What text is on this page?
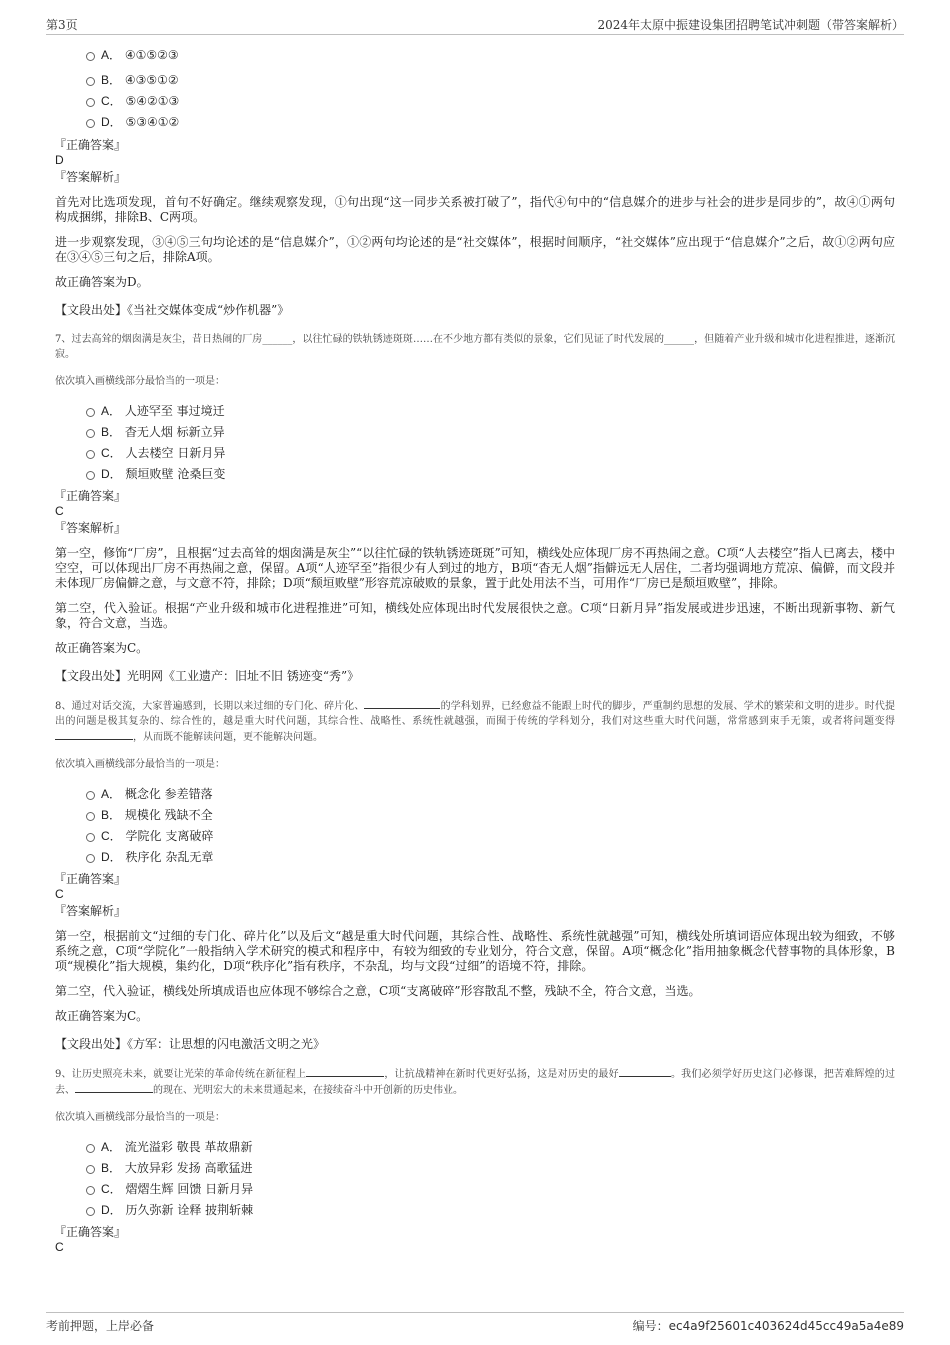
第3页	2024年太原中振建设集团招聘笔试冲刺题（带答案解析）
A． ④①⑤②③
B． ④③⑤①②
C． ⑤④②①③
D． ⑤③④①②
『正确答案』
D
『答案解析』

首先对比选项发现，首句不好确定。继续观察发现，①句出现“这一同步关系被打破了”，指代④句中的“信息媒介的进步与社会的进步是同步的”，故④①两句构成捆绑，排除B、C两项。

进一步观察发现，③④⑤三句均论述的是“信息媒介”，①②两句均论述的是“社交媒体”，根据时间顺序，“社交媒体”应出现于“信息媒介”之后，故①②两句应在③④⑤三句之后，排除A项。

故正确答案为D。

【文段出处】《当社交媒体变成“炒作机器”》

7、过去高耸的烟囱满是灰尘，昔日热闹的厂房______，以往忙碌的铁轨锈迹斑斑……在不少地方都有类似的景象，它们见证了时代发展的______，但随着产业升级和城市化进程推进，逐渐沉寂。

依次填入画横线部分最恰当的一项是：

A． 人迹罕至 事过境迁
B． 杳无人烟 标新立异
C． 人去楼空 日新月异
D． 颓垣败壁 沧桑巨变
『正确答案』
C
『答案解析』

第一空，修饰“厂房”，且根据“过去高耸的烟囱满是灰尘”“以往忙碌的铁轨锈迹斑斑”可知，横线处应体现厂房不再热闹之意。C项“人去楼空”指人已离去，楼中空空，可以体现出厂房不再热闹之意，保留。A项“人迹罕至”指很少有人到过的地方，B项“杳无人烟”指僻远无人居住，二者均强调地方荒凉、偏僻，而文段并未体现厂房偏僻之意，与文意不符，排除；D项“颓垣败壁”形容荒凉破败的景象，置于此处用法不当，可用作“厂房已是颓垣败壁”，排除。

第二空，代入验证。根据“产业升级和城市化进程推进”可知，横线处应体现出时代发展很快之意。C项“日新月异”指发展或进步迅速，不断出现新事物、新气象，符合文意，当选。

故正确答案为C。

【文段出处】光明网《工业遗产：旧址不旧 锈迹变“秀”》

8、通过对话交流，大家普遍感到，长期以来过细的专门化、碎片化、	的学科划界，已经愈益不能跟上时代的脚步，严重制约思想的发展、学术的繁荣和文明的进步。时代提出的问题是极其复杂的、综合性的，越是重大时代问题，其综合性、战略性、系统性就越强，而囿于传统的学科划分，我们对这些重大时代问题，常常感到束手无策，或者将问题变得，从而既不能解读问题，更不能解决问题。

依次填入画横线部分最恰当的一项是：

A． 概念化 参差错落
B． 规模化 残缺不全
C． 学院化 支离破碎
D． 秩序化 杂乱无章
『正确答案』
C
『答案解析』

第一空，根据前文“过细的专门化、碎片化”以及后文“越是重大时代问题，其综合性、战略性、系统性就越强”可知，横线处所填词语应体现出较为细致，不够系统之意，C项“学院化”一般指纳入学术研究的模式和程序中，有较为细致的专业划分，符合文意，保留。A项“概念化”指用抽象概念代替事物的具体形象，B项“规模化”指大规模，集约化，D项“秩序化”指有秩序，不杂乱，均与文段“过细”的语境不符，排除。

第二空，代入验证，横线处所填成语也应体现不够综合之意，C项“支离破碎”形容散乱不整，残缺不全，符合文意，当选。

故正确答案为C。

【文段出处】《方军：让思想的闪电激活文明之光》

9、让历史照亮未来，就要让光荣的革命传统在新征程上	，让抗战精神在新时代更好弘扬，这是对历史的最好	。我们必须学好历史这门必修课，把苦难辉煌的过去、	的现在、光明宏大的未来贯通起来，在接续奋斗中开创新的历史伟业。

依次填入画横线部分最恰当的一项是：

A． 流光溢彩 敬畏 革故鼎新
B． 大放异彩 发扬 高歌猛进
C． 熠熠生辉 回馈 日新月异
D． 历久弥新 诠释 披荆斩棘
『正确答案』
C
考前押题，上岸必备	编号：ec4a9f25601c403624d45cc49a5a4e89
